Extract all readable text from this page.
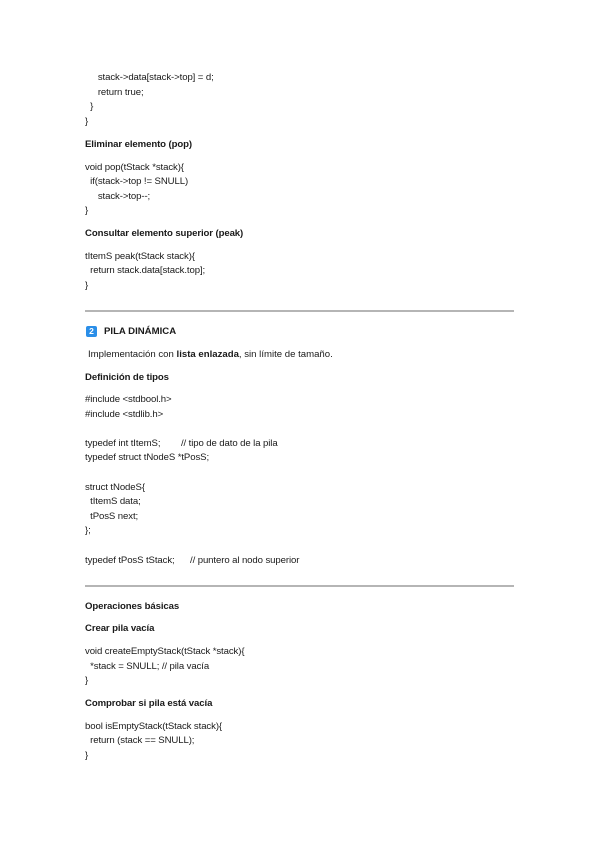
stack->data[stack->top] = d;
return true;
}
}
Eliminar elemento (pop)
void pop(tStack *stack){
if(stack->top != SNULL)
stack->top--;
}
Consultar elemento superior (peak)
tItemS peak(tStack stack){
return stack.data[stack.top];
}
2	PILA DINÁMICA
Implementación con lista enlazada, sin límite de tamaño.
Definición de tipos
#include <stdbool.h>
#include <stdlib.h>
typedef int tItemS;        // tipo de dato de la pila
typedef struct tNodeS *tPosS;
struct tNodeS{
tItemS data;
tPosS next;
};
typedef tPosS tStack;      // puntero al nodo superior
Operaciones básicas
Crear pila vacía
void createEmptyStack(tStack *stack){
*stack = SNULL; // pila vacía
}
Comprobar si pila está vacía
bool isEmptyStack(tStack stack){
return (stack == SNULL);
}
